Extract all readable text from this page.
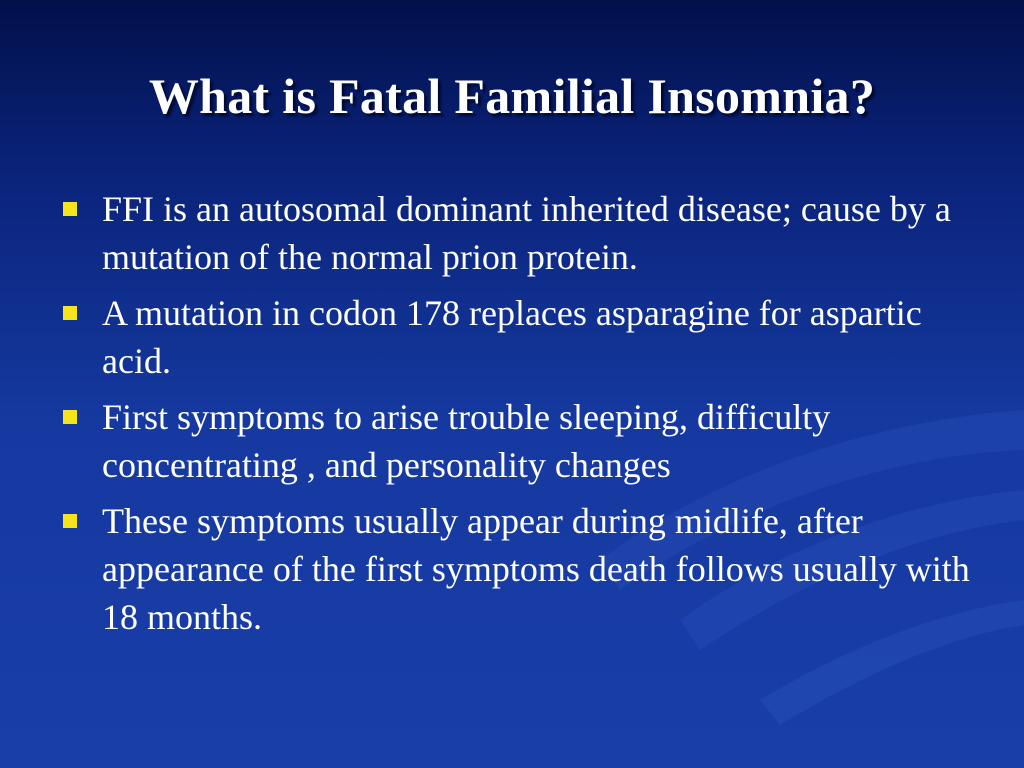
What is Fatal Familial Insomnia?
FFI is an autosomal dominant inherited disease; cause by a mutation of the normal prion protein.
A mutation in codon 178 replaces asparagine for aspartic acid.
First symptoms to arise trouble sleeping, difficulty concentrating , and personality changes
These symptoms usually appear during midlife, after appearance of the first symptoms death follows usually with 18 months.
